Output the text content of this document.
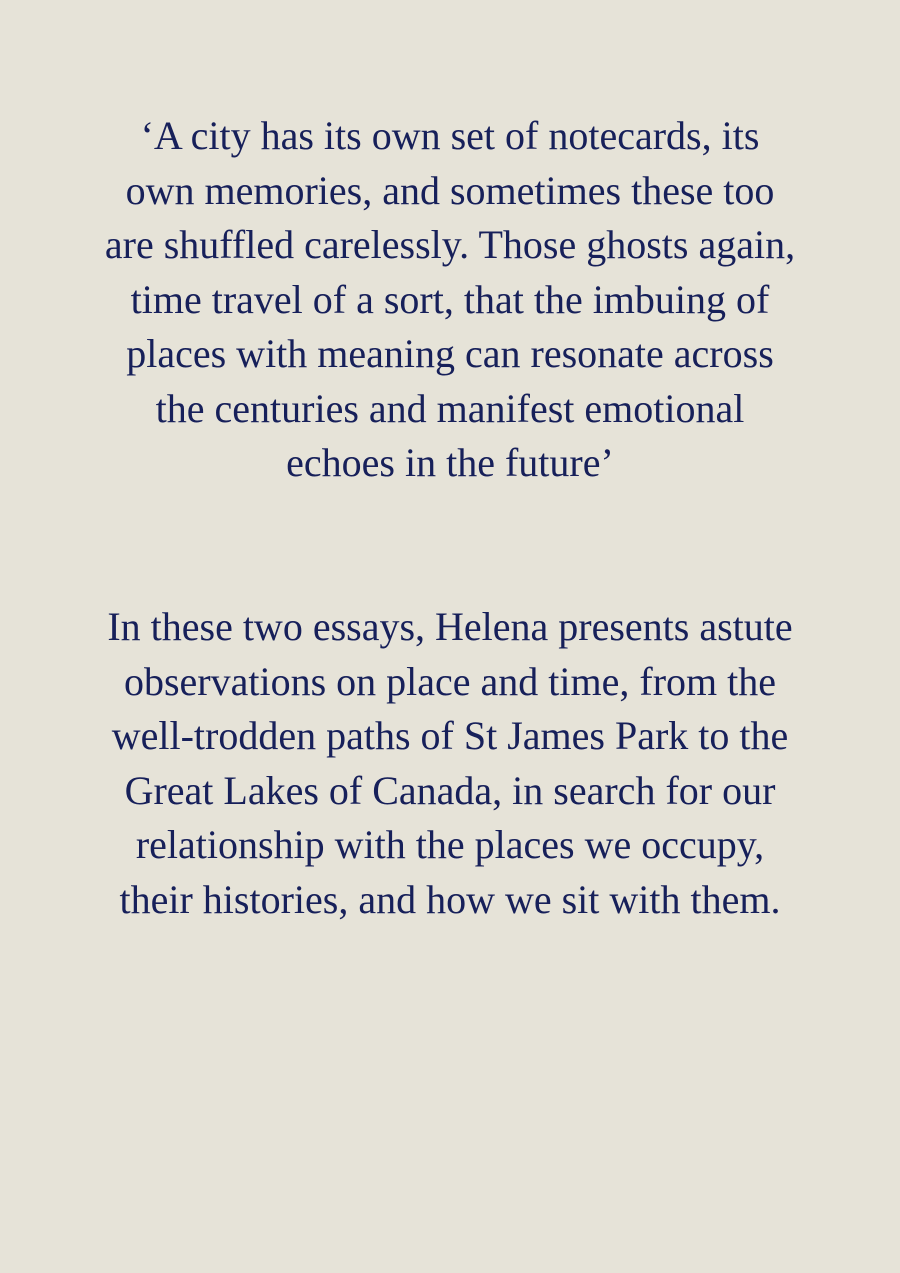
‘A city has its own set of notecards, its
own memories, and sometimes these too
are shuffled carelessly. Those ghosts again,
time travel of a sort, that the imbuing of
places with meaning can resonate across
the centuries and manifest emotional
echoes in the future’
In these two essays, Helena presents astute
observations on place and time, from the
well-trodden paths of St James Park to the
Great Lakes of Canada, in search for our
relationship with the places we occupy,
their histories, and how we sit with them.
